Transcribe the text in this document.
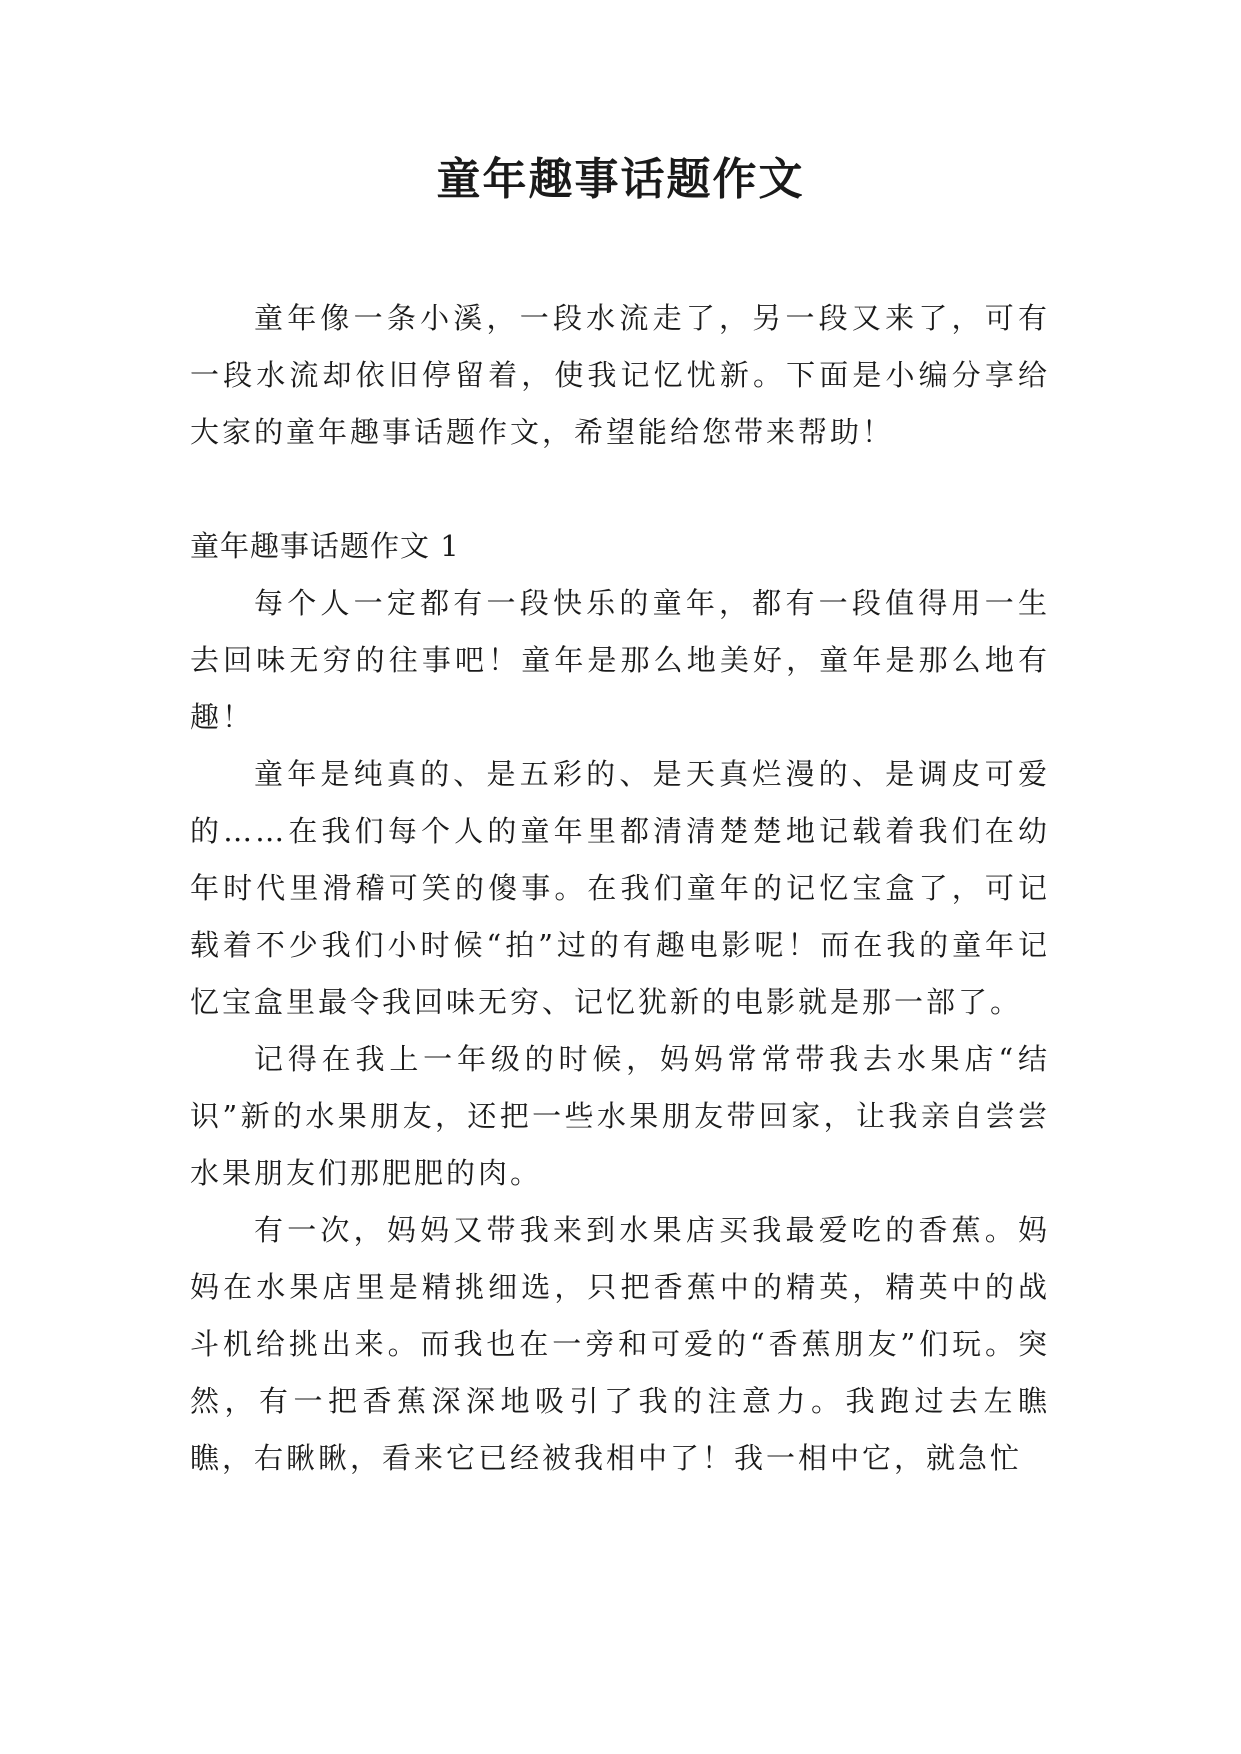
童年趣事话题作文

童年像一条小溪，一段水流走了，另一段又来了，可有一段水流却依旧停留着，使我记忆忧新。下面是小编分享给大家的童年趣事话题作文，希望能给您带来帮助！

童年趣事话题作文 1

每个人一定都有一段快乐的童年，都有一段值得用一生去回味无穷的往事吧！童年是那么地美好，童年是那么地有趣！

童年是纯真的、是五彩的、是天真烂漫的、是调皮可爱的……在我们每个人的童年里都清清楚楚地记载着我们在幼年时代里滑稽可笑的傻事。在我们童年的记忆宝盒了，可记载着不少我们小时候“拍”过的有趣电影呢！而在我的童年记忆宝盒里最令我回味无穷、记忆犹新的电影就是那一部了。

记得在我上一年级的时候，妈妈常常带我去水果店“结识”新的水果朋友，还把一些水果朋友带回家，让我亲自尝尝水果朋友们那肥肥的肉。

有一次，妈妈又带我来到水果店买我最爱吃的香蕉。妈妈在水果店里是精挑细选，只把香蕉中的精英，精英中的战斗机给挑出来。而我也在一旁和可爱的“香蕉朋友”们玩。突然，有一把香蕉深深地吸引了我的注意力。我跑过去左瞧瞧，右瞅瞅，看来它已经被我相中了！我一相中它，就急忙
